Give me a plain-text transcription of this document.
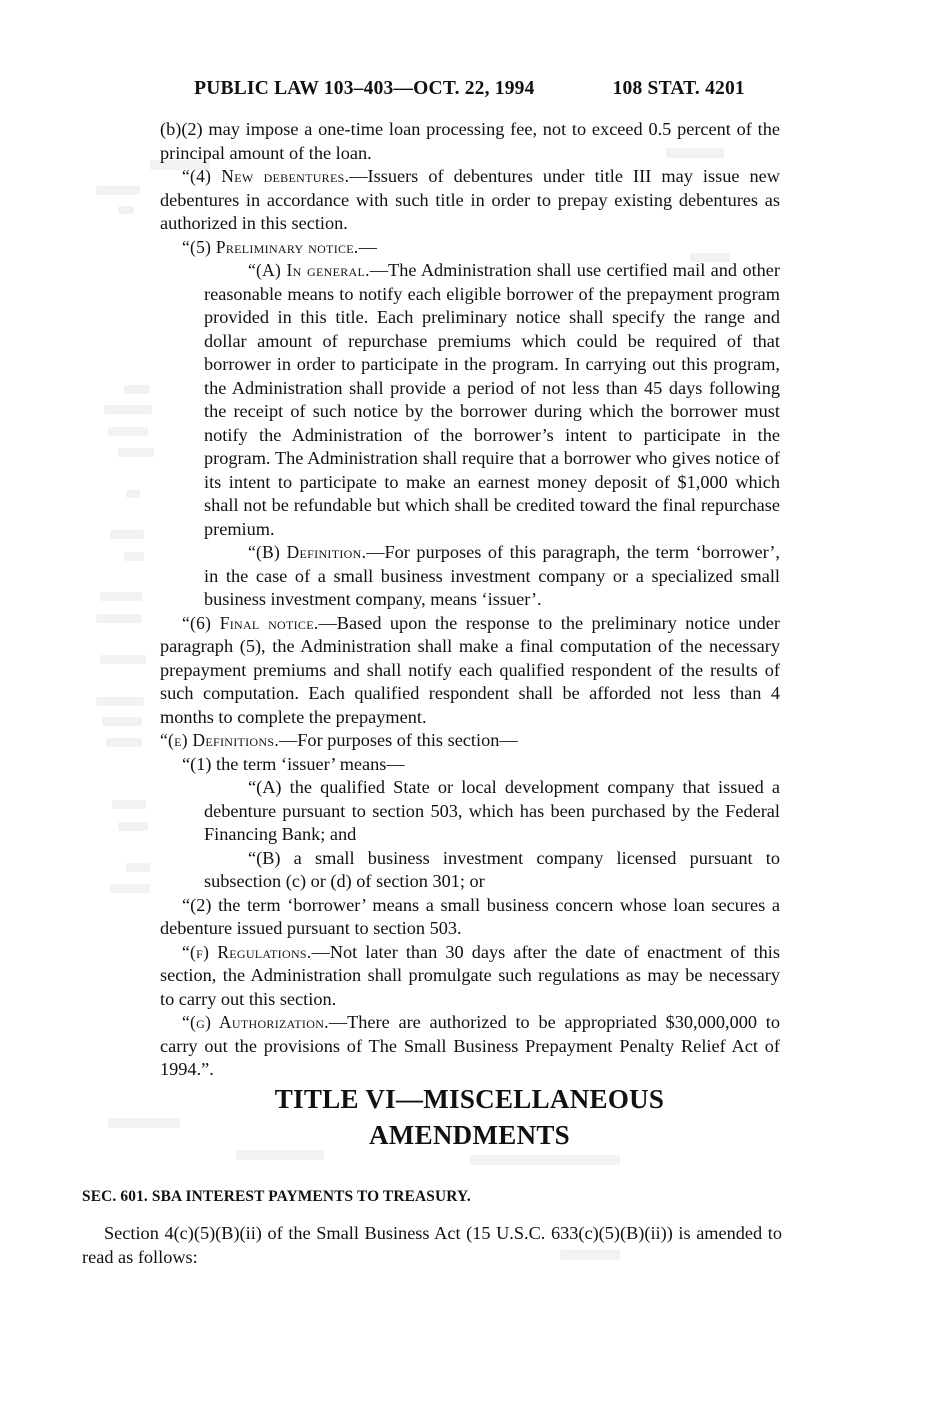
PUBLIC LAW 103–403—OCT. 22, 1994	108 STAT. 4201

(b)(2) may impose a one-time loan processing fee, not to exceed 0.5 percent of the principal amount of the loan.

“(4) New debentures.—Issuers of debentures under title III may issue new debentures in accordance with such title in order to prepay existing debentures as authorized in this section.

“(5) Preliminary notice.—

“(A) In general.—The Administration shall use certified mail and other reasonable means to notify each eligible borrower of the prepayment program provided in this title. Each preliminary notice shall specify the range and dollar amount of repurchase premiums which could be required of that borrower in order to participate in the program. In carrying out this program, the Administration shall provide a period of not less than 45 days following the receipt of such notice by the borrower during which the borrower must notify the Administration of the borrower’s intent to participate in the program. The Administration shall require that a borrower who gives notice of its intent to participate to make an earnest money deposit of $1,000 which shall not be refundable but which shall be credited toward the final repurchase premium.

“(B) Definition.—For purposes of this paragraph, the term ‘borrower’, in the case of a small business investment company or a specialized small business investment company, means ‘issuer’.

“(6) Final notice.—Based upon the response to the preliminary notice under paragraph (5), the Administration shall make a final computation of the necessary prepayment premiums and shall notify each qualified respondent of the results of such computation. Each qualified respondent shall be afforded not less than 4 months to complete the prepayment.

“(e) Definitions.—For purposes of this section—

“(1) the term ‘issuer’ means—

“(A) the qualified State or local development company that issued a debenture pursuant to section 503, which has been purchased by the Federal Financing Bank; and

“(B) a small business investment company licensed pursuant to subsection (c) or (d) of section 301; or

“(2) the term ‘borrower’ means a small business concern whose loan secures a debenture issued pursuant to section 503.

“(f) Regulations.—Not later than 30 days after the date of enactment of this section, the Administration shall promulgate such regulations as may be necessary to carry out this section.

“(g) Authorization.—There are authorized to be appropriated $30,000,000 to carry out the provisions of The Small Business Prepayment Penalty Relief Act of 1994.”.

TITLE VI—MISCELLANEOUS
AMENDMENTS
SEC. 601. SBA INTEREST PAYMENTS TO TREASURY.

Section 4(c)(5)(B)(ii) of the Small Business Act (15 U.S.C. 633(c)(5)(B)(ii)) is amended to read as follows:
